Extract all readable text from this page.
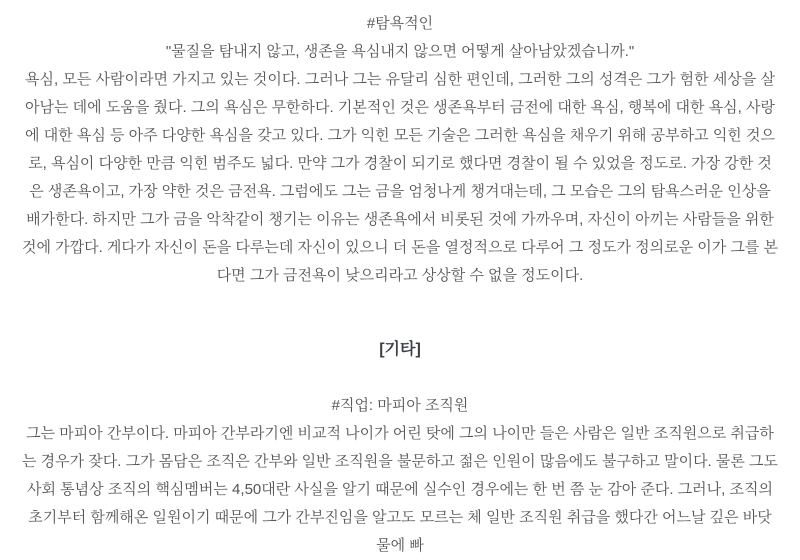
#탐욕적인
"물질을 탐내지 않고, 생존을 욕심내지 않으면 어떻게 살아남았겠습니까."

욕심, 모든 사람이라면 가지고 있는 것이다. 그러나 그는 유달리 심한 편인데, 그러한 그의 성격은 그가 험한 세상을 살아남는 데에 도움을 줬다. 그의 욕심은 무한하다. 기본적인 것은 생존욕부터 금전에 대한 욕심, 행복에 대한 욕심, 사랑에 대한 욕심 등 아주 다양한 욕심을 갖고 있다. 그가 익힌 모든 기술은 그러한 욕심을 채우기 위해 공부하고 익힌 것으로, 욕심이 다양한 만큼 익힌 범주도 넓다. 만약 그가 경찰이 되기로 했다면 경찰이 될 수 있었을 정도로. 가장 강한 것은 생존욕이고, 가장 약한 것은 금전욕. 그럼에도 그는 금을 엄청나게 챙겨대는데, 그 모습은 그의 탐욕스러운 인상을 배가한다. 하지만 그가 금을 악착같이 챙기는 이유는 생존욕에서 비롯된 것에 가까우며, 자신이 아끼는 사람들을 위한 것에 가깝다. 게다가 자신이 돈을 다루는데 자신이 있으니 더 돈을 열정적으로 다루어 그 정도가 정의로운 이가 그를 본다면 그가 금전욕이 낮으리라고 상상할 수 없을 정도이다.

[기타]
#직업: 마피아 조직원

그는 마피아 간부이다. 마피아 간부라기엔 비교적 나이가 어린 탓에 그의 나이만 들은 사람은 일반 조직원으로 취급하는 경우가 잦다. 그가 몸담은 조직은 간부와 일반 조직원을 불문하고 젊은 인원이 많음에도 불구하고 말이다. 물론 그도 사회 통념상 조직의 핵심멤버는 4,50대란 사실을 알기 때문에 실수인 경우에는 한 번 쯤 눈 감아 준다. 그러나, 조직의 초기부터 함께해온 일원이기 때문에 그가 간부진임을 알고도 모르는 체 일반 조직원 취급을 했다간 어느날 깊은 바닷물에 빠
